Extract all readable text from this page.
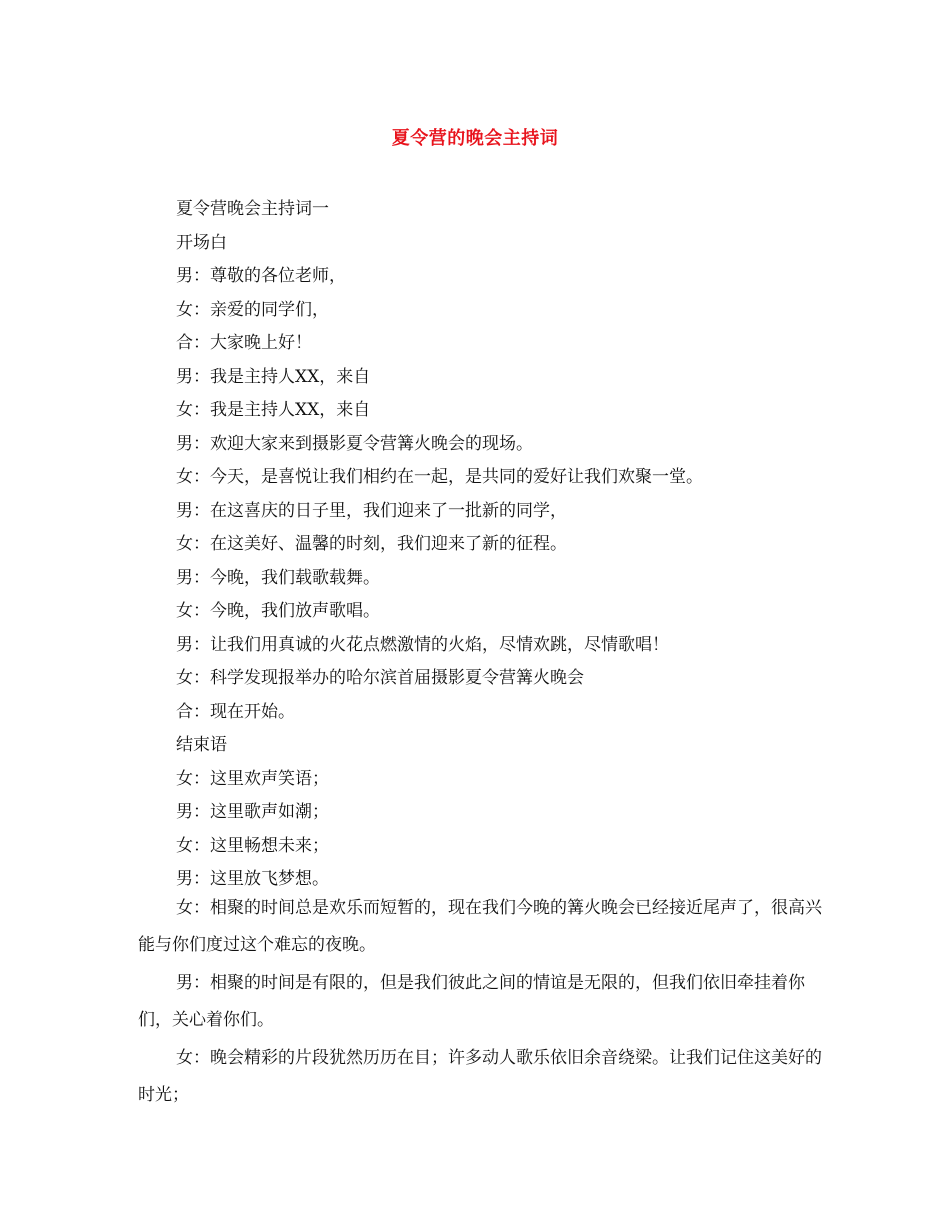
夏令营的晚会主持词
夏令营晚会主持词一
开场白
男：尊敬的各位老师，
女：亲爱的同学们，
合：大家晚上好！
男：我是主持人XX，来自
女：我是主持人XX，来自
男：欢迎大家来到摄影夏令营篝火晚会的现场。
女：今天，是喜悦让我们相约在一起，是共同的爱好让我们欢聚一堂。
男：在这喜庆的日子里，我们迎来了一批新的同学，
女：在这美好、温馨的时刻，我们迎来了新的征程。
男：今晚，我们载歌载舞。
女：今晚，我们放声歌唱。
男：让我们用真诚的火花点燃激情的火焰，尽情欢跳，尽情歌唱！
女：科学发现报举办的哈尔滨首届摄影夏令营篝火晚会
合：现在开始。
结束语
女：这里欢声笑语；
男：这里歌声如潮；
女：这里畅想未来；
男：这里放飞梦想。

女：相聚的时间总是欢乐而短暂的，现在我们今晚的篝火晚会已经接近尾声了，很高兴能与你们度过这个难忘的夜晚。

男：相聚的时间是有限的，但是我们彼此之间的情谊是无限的，但我们依旧牵挂着你们，关心着你们。

女：晚会精彩的片段犹然历历在目；许多动人歌乐依旧余音绕梁。让我们记住这美好的时光；
